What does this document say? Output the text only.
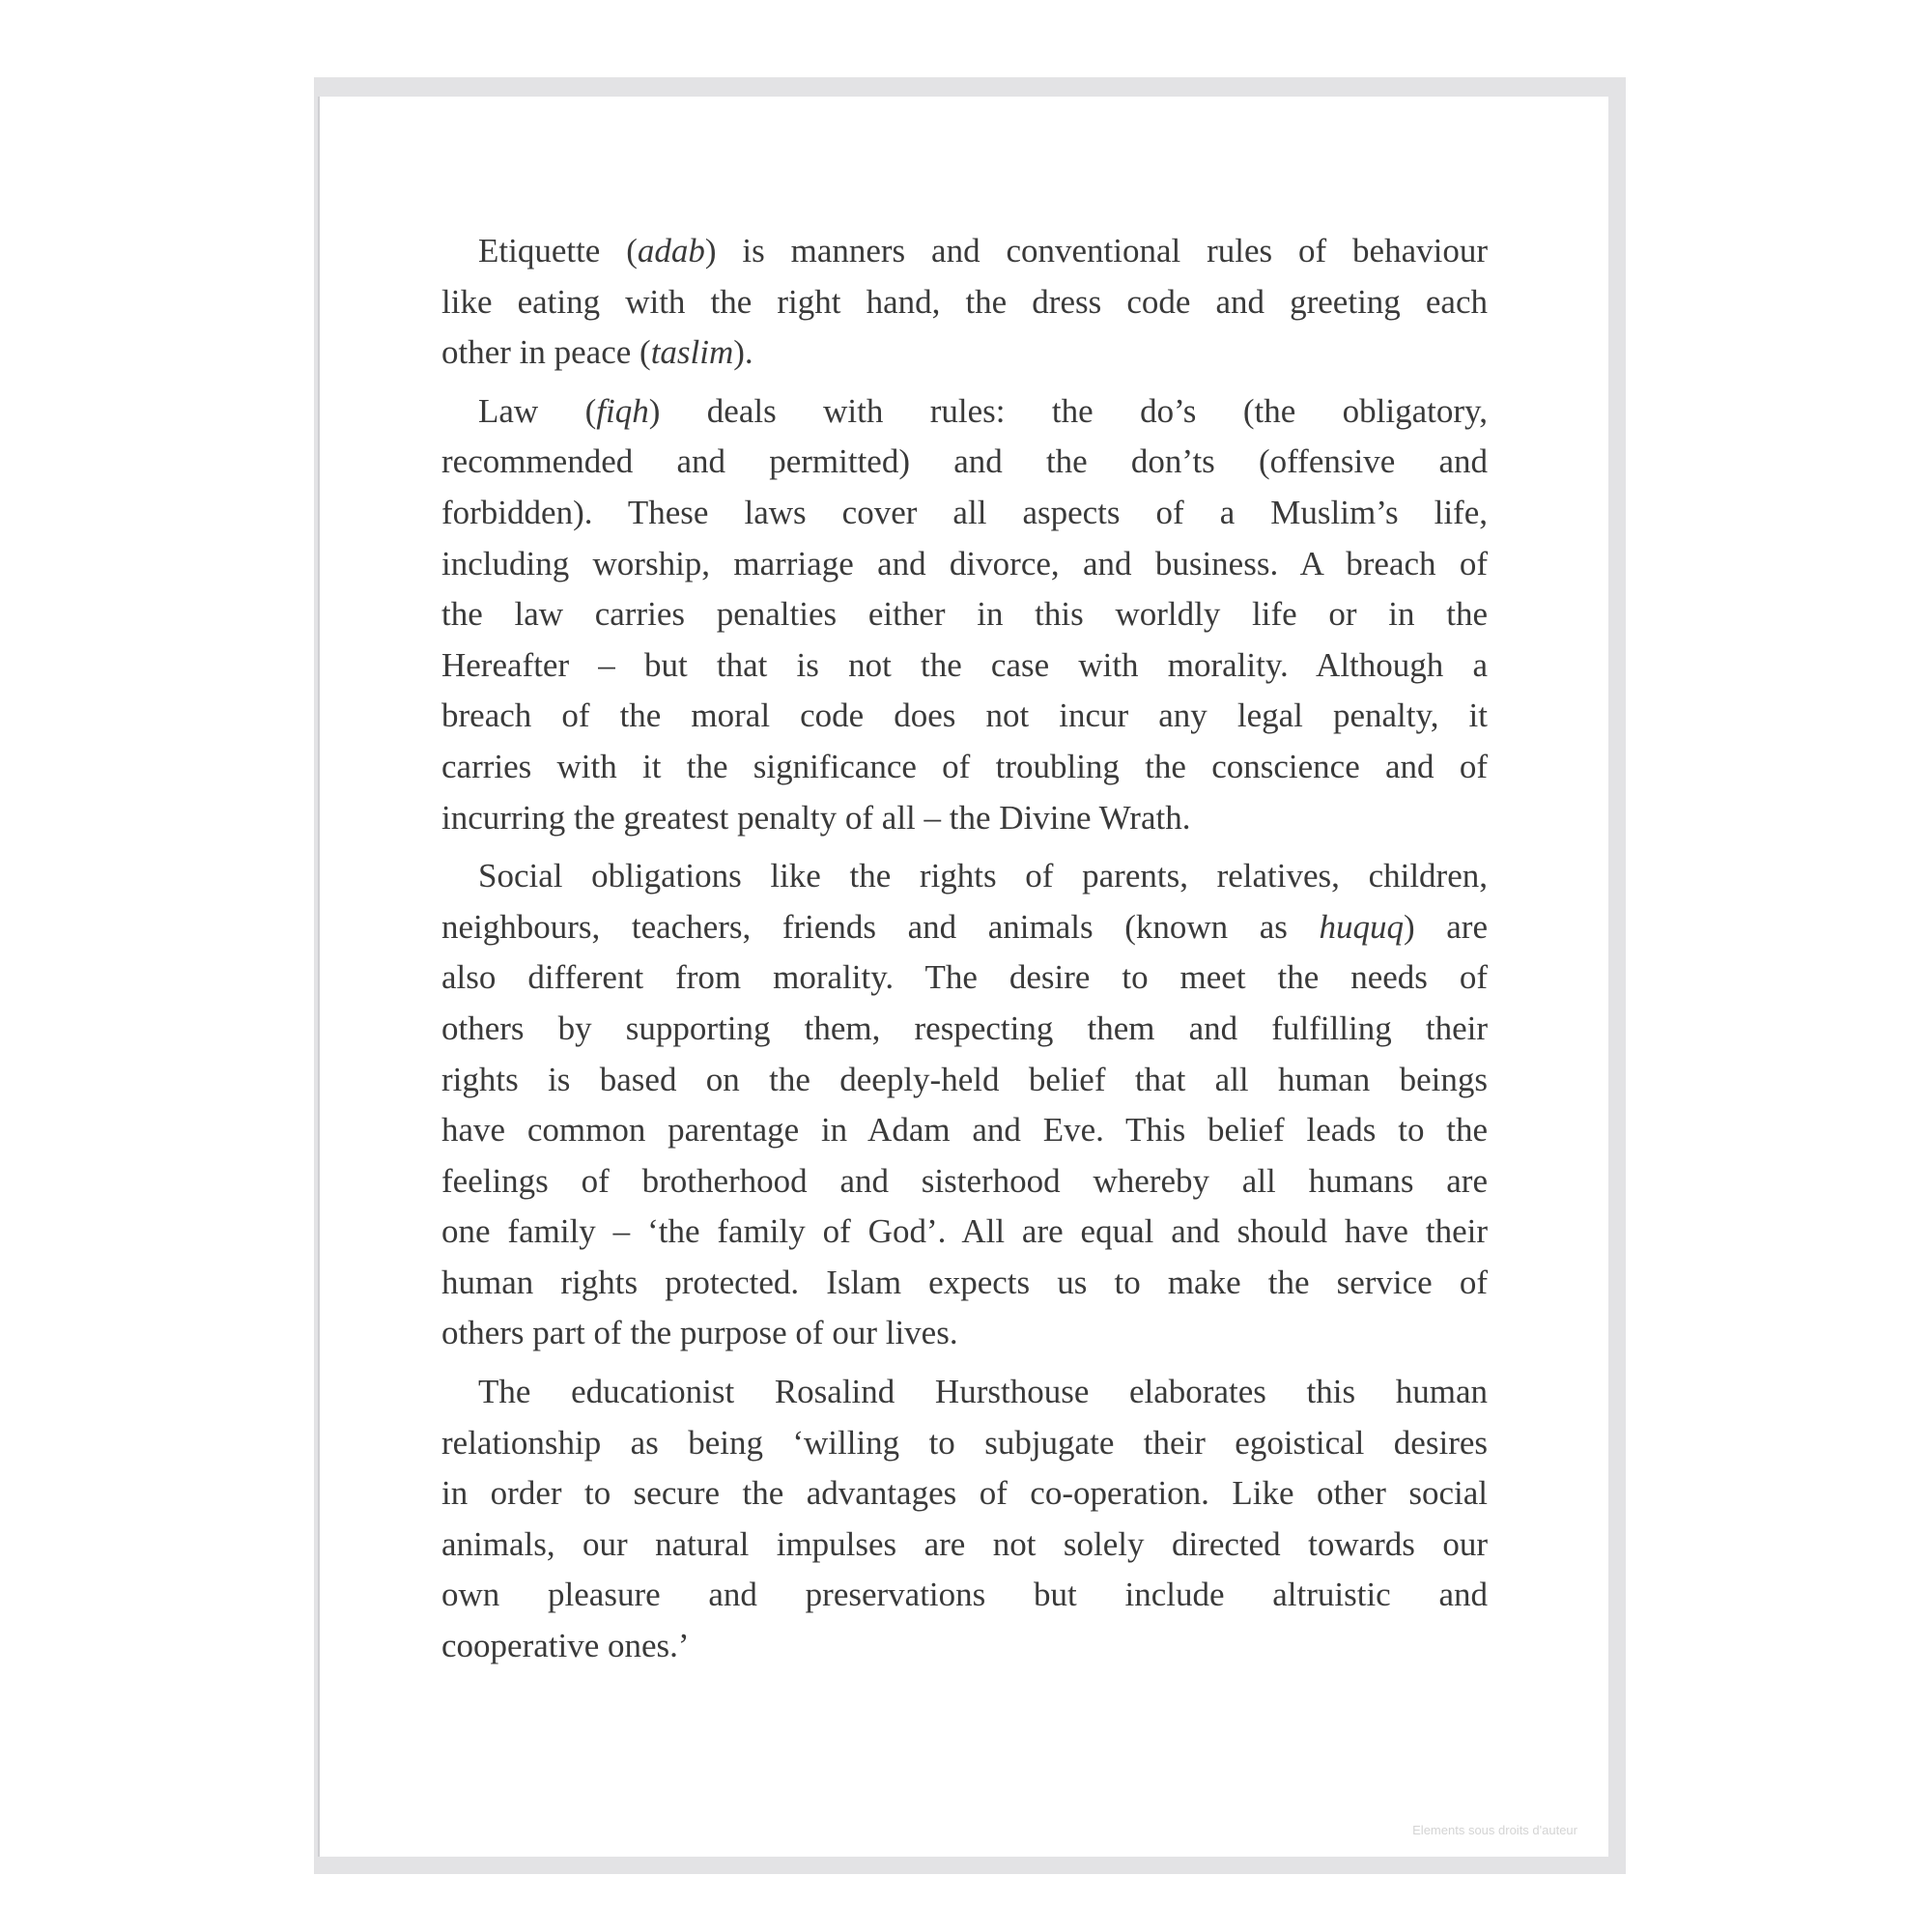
Etiquette (adab) is manners and conventional rules of behaviour
like eating with the right hand, the dress code and greeting each
other in peace (taslim).
Law (fiqh) deals with rules: the do’s (the obligatory,
recommended and permitted) and the don’ts (offensive and
forbidden). These laws cover all aspects of a Muslim’s life,
including worship, marriage and divorce, and business. A breach of
the law carries penalties either in this worldly life or in the
Hereafter – but that is not the case with morality. Although a
breach of the moral code does not incur any legal penalty, it
carries with it the significance of troubling the conscience and of
incurring the greatest penalty of all – the Divine Wrath.
Social obligations like the rights of parents, relatives, children,
neighbours, teachers, friends and animals (known as huquq) are
also different from morality. The desire to meet the needs of
others by supporting them, respecting them and fulfilling their
rights is based on the deeply-held belief that all human beings
have common parentage in Adam and Eve. This belief leads to the
feelings of brotherhood and sisterhood whereby all humans are
one family – ‘the family of God’. All are equal and should have their
human rights protected. Islam expects us to make the service of
others part of the purpose of our lives.
The educationist Rosalind Hursthouse elaborates this human
relationship as being ‘willing to subjugate their egoistical desires
in order to secure the advantages of co-operation. Like other social
animals, our natural impulses are not solely directed towards our
own pleasure and preservations but include altruistic and
cooperative ones.’
Elements sous droits d'auteur
